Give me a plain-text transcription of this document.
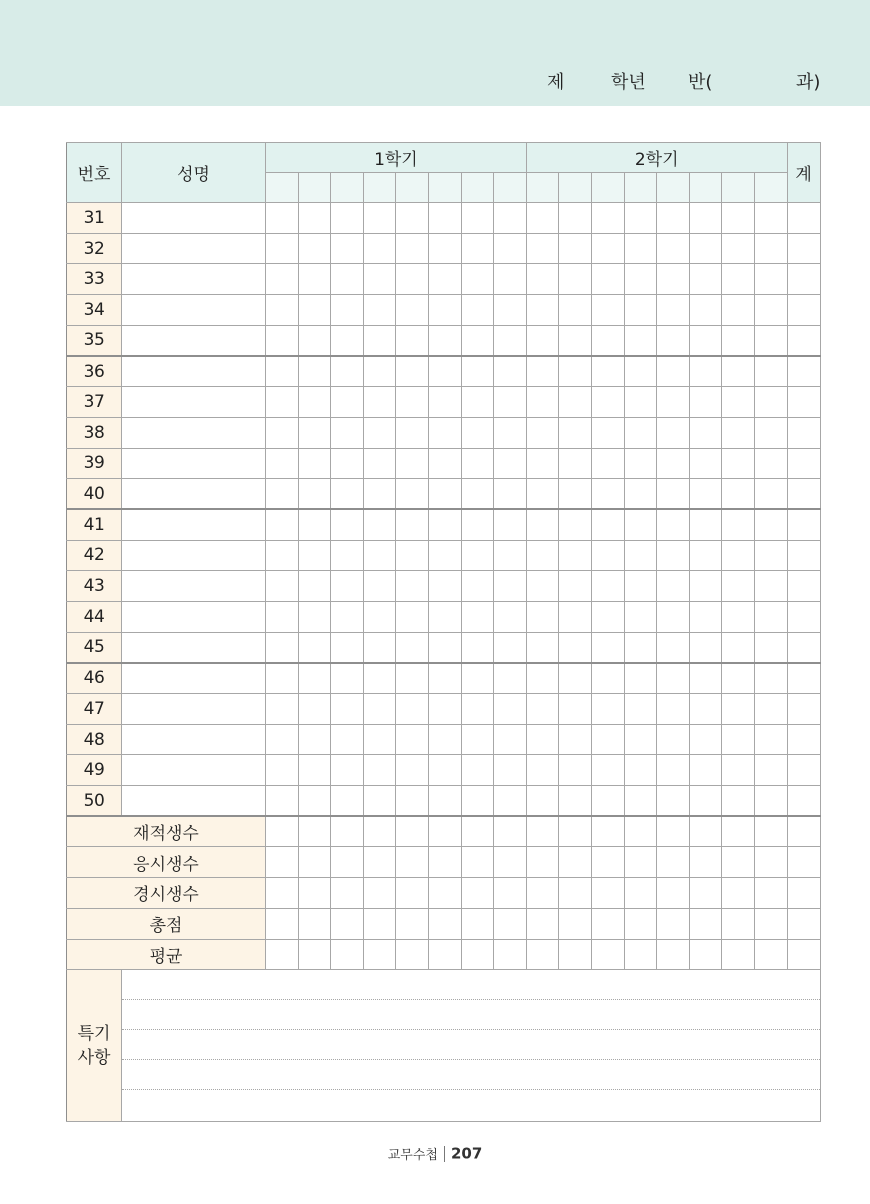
제	학년 반(	과)
번호	성명	1학기								2학기								계

31																		
32																		
33																		
34																		
35																		
36																		
37																		
38																		
39																		
40																		
41																		
42																		
43																		
44																		
45																		
46																		
47																		
48																		
49																		
50																		
재적생수																		
응시생수																		
경시생수																		
총점																		
평균																		

특기
사항																		

교무수첩 207
